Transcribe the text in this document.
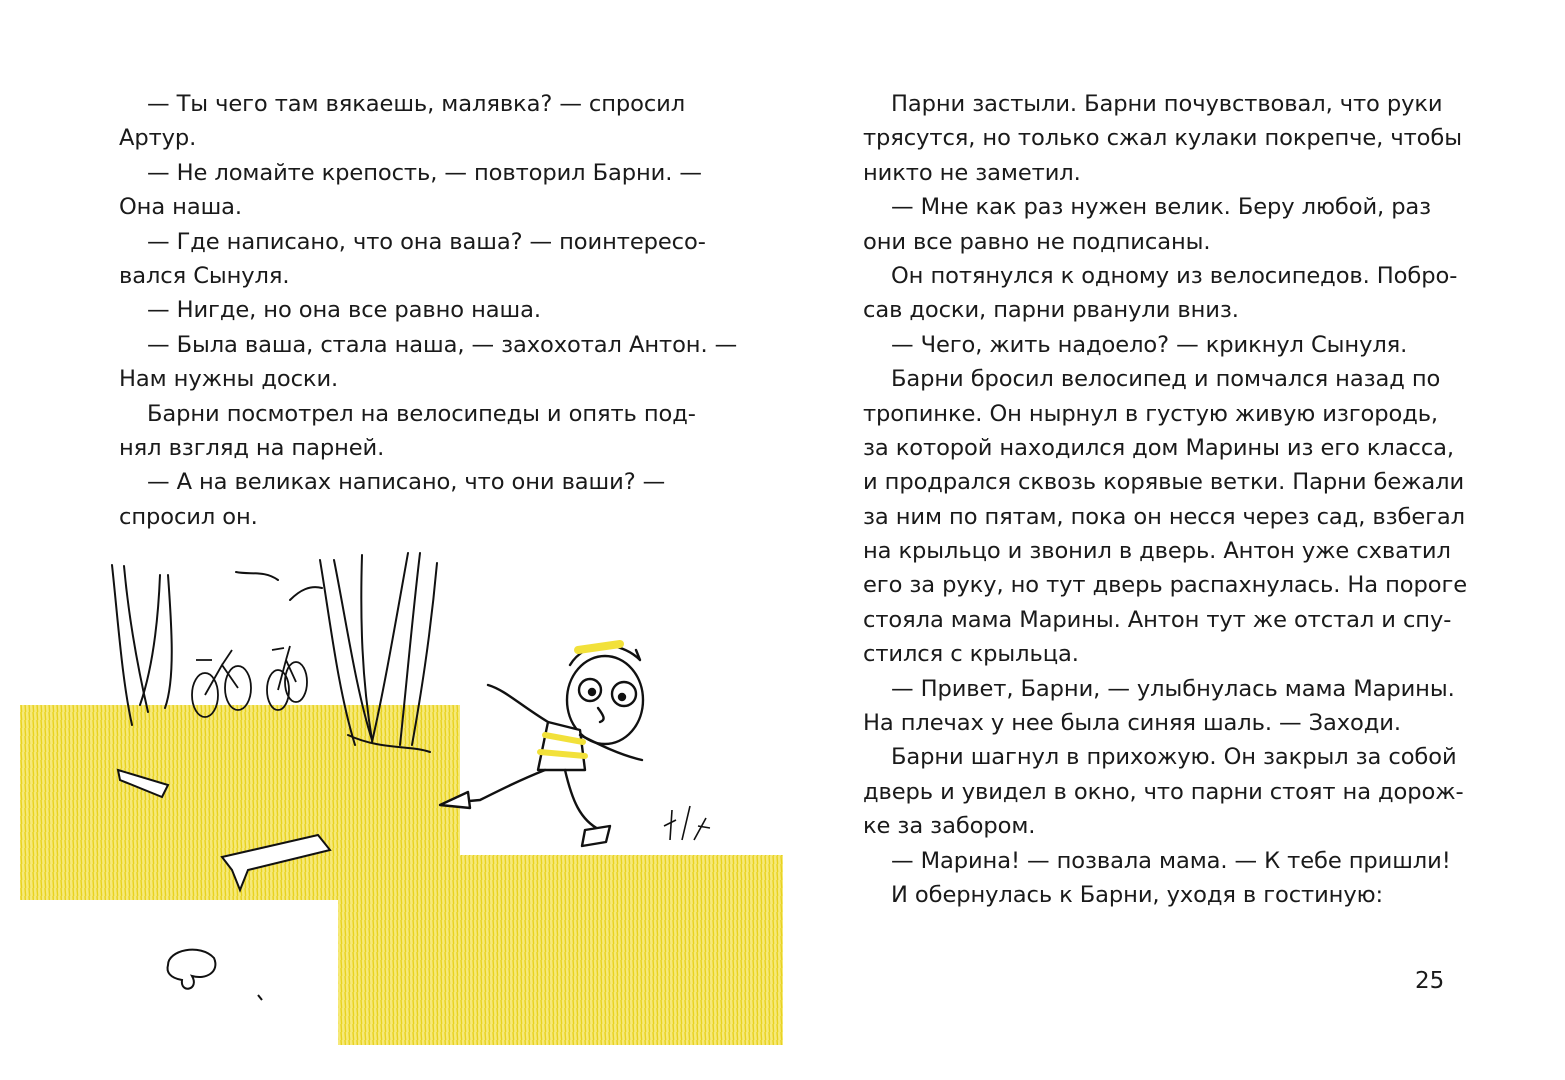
— Ты чего там вякаешь, малявка? — спросил
Артур.
— Не ломайте крепость, — повторил Барни. —
Она наша.
— Где написано, что она ваша? — поинтересо-
вался Сынуля.
— Нигде, но она все равно наша.
— Была ваша, стала наша, — захохотал Антон. —
Нам нужны доски.
Барни посмотрел на велосипеды и опять под-
нял взгляд на парней.
— А на великах написано, что они ваши? —
спросил он.
Парни застыли. Барни почувствовал, что руки
трясутся, но только сжал кулаки покрепче, чтобы
никто не заметил.
— Мне как раз нужен велик. Беру любой, раз
они все равно не подписаны.
Он потянулся к одному из велосипедов. Побро-
сав доски, парни рванули вниз.
— Чего, жить надоело? — крикнул Сынуля.
Барни бросил велосипед и помчался назад по
тропинке. Он нырнул в густую живую изгородь,
за которой находился дом Марины из его класса,
и продрался сквозь корявые ветки. Парни бежали
за ним по пятам, пока он несся через сад, взбегал
на крыльцо и звонил в дверь. Антон уже схватил
его за руку, но тут дверь распахнулась. На пороге
стояла мама Марины. Антон тут же отстал и спу-
стился с крыльца.
— Привет, Барни, — улыбнулась мама Марины.
На плечах у нее была синяя шаль. — Заходи.
Барни шагнул в прихожую. Он закрыл за собой
дверь и увидел в окно, что парни стоят на дорож-
ке за забором.
— Марина! — позвала мама. — К тебе пришли!
И обернулась к Барни, уходя в гостиную:
25
